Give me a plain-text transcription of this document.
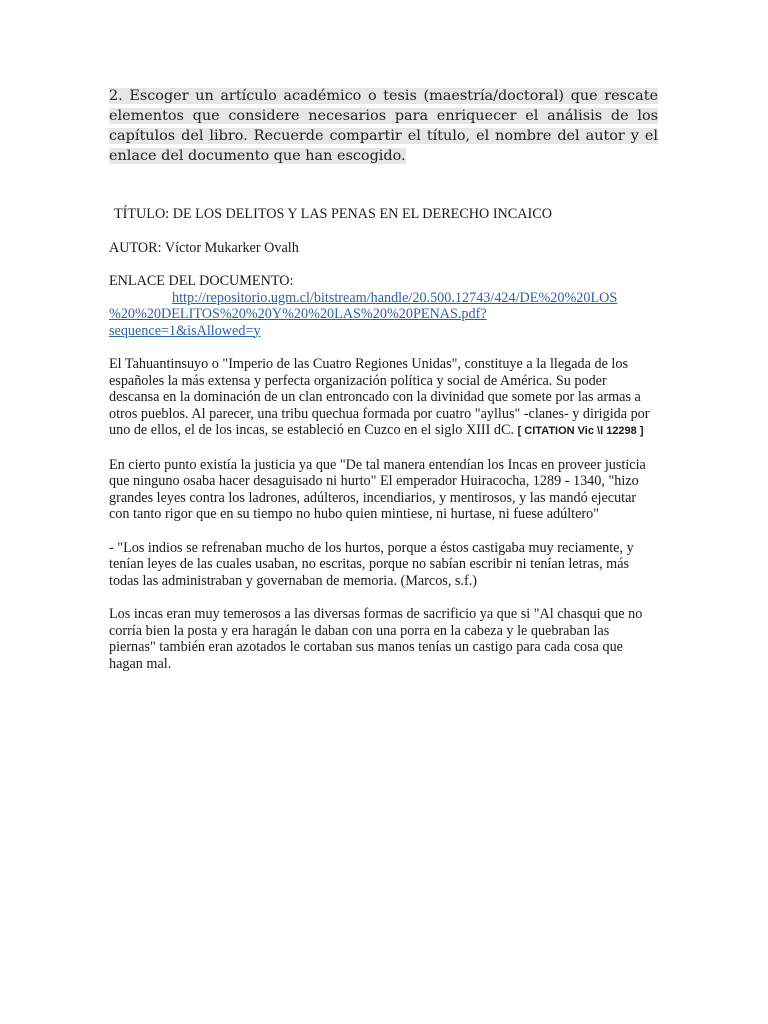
2. Escoger un artículo académico o tesis (maestría/doctoral) que rescate elementos que considere necesarios para enriquecer el análisis de los capítulos del libro. Recuerde compartir el título, el nombre del autor y el enlace del documento que han escogido.

TÍTULO: DE LOS DELITOS Y LAS PENAS EN EL DERECHO INCAICO

AUTOR: Víctor Mukarker Ovalh

ENLACE DEL DOCUMENTO:

http://repositorio.ugm.cl/bitstream/handle/20.500.12743/424/DE%20%20LOS
%20%20DELITOS%20%20Y%20%20LAS%20%20PENAS.pdf?
sequence=1&isAllowed=y

El Tahuantinsuyo o "Imperio de las Cuatro Regiones Unidas", constituye a la llegada de los españoles la más extensa y perfecta organización política y social de América. Su poder descansa en la dominación de un clan entroncado con la divinidad que somete por las armas a otros pueblos. Al parecer, una tribu quechua formada por cuatro "ayllus" -clanes- y dirigida por uno de ellos, el de los incas, se estableció en Cuzco en el siglo XIII dC. [ CITATION Vic \l 12298 ]

En cierto punto existía la justicia ya que "De tal manera entendían los Incas en proveer justicia que ninguno osaba hacer desaguisado ni hurto" El emperador Huiracocha, 1289 - 1340, "hizo grandes leyes contra los ladrones, adúlteros, incendiarios, y mentirosos, y las mandó ejecutar con tanto rigor que en su tiempo no hubo quien mintiese, ni hurtase, ni fuese adúltero"

- "Los indios se refrenaban mucho de los hurtos, porque a éstos castigaba muy reciamente, y tenían leyes de las cuales usaban, no escritas, porque no sabían escribir ni tenían letras, más todas las administraban y governaban de memoria. (Marcos, s.f.)

Los incas eran muy temerosos a las diversas formas de sacrificio ya que si "Al chasqui que no corría bien la posta y era haragán le daban con una porra en la cabeza y le quebraban las piernas" también eran azotados le cortaban sus manos tenías un castigo para cada cosa que hagan mal.
